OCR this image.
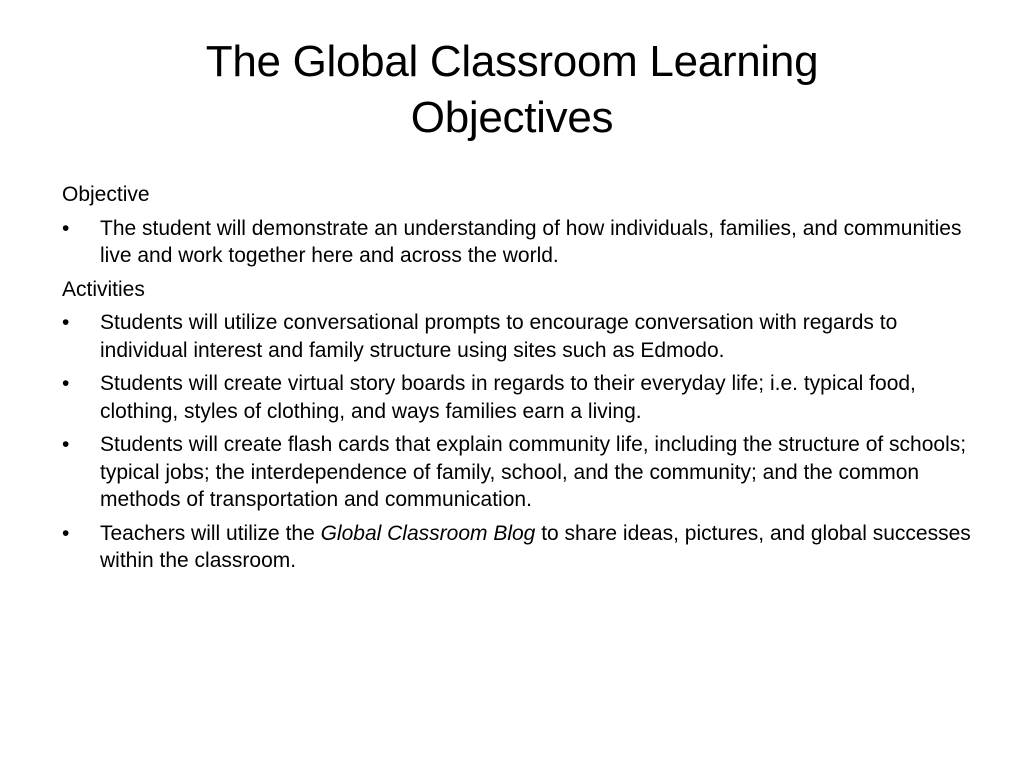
The Global Classroom Learning
Objectives
Objective
•	The student will demonstrate an understanding of how individuals, families, and communities live and work together here and across the world.
Activities
•	Students will utilize conversational prompts to encourage conversation with regards to individual interest and family structure using sites such as Edmodo.
•	Students will create virtual story boards in regards to their everyday life; i.e. typical food, clothing, styles of clothing, and ways families earn a living.
•	Students will create flash cards that explain community life, including the structure of schools; typical jobs; the interdependence of family, school, and the community; and the common methods of transportation and communication.
•	Teachers will utilize the Global Classroom Blog to share ideas, pictures, and global successes within the classroom.
